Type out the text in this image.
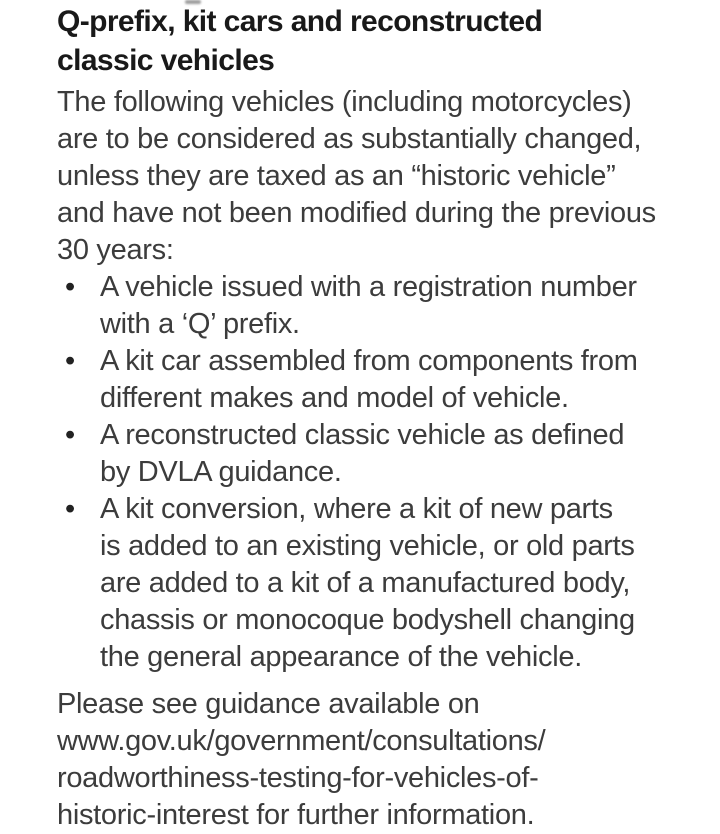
Q-prefix, kit cars and reconstructed
classic vehicles

The following vehicles (including motorcycles)
are to be considered as substantially changed,
unless they are taxed as an “historic vehicle”
and have not been modified during the previous
30 years:

• A vehicle issued with a registration number
with a ‘Q’ prefix.
• A kit car assembled from components from
different makes and model of vehicle.
• A reconstructed classic vehicle as defined
by DVLA guidance.
• A kit conversion, where a kit of new parts
is added to an existing vehicle, or old parts
are added to a kit of a manufactured body,
chassis or monocoque bodyshell changing
the general appearance of the vehicle.

Please see guidance available on
www.gov.uk/government/consultations/
roadworthiness-testing-for-vehicles-of-
historic-interest for further information.
